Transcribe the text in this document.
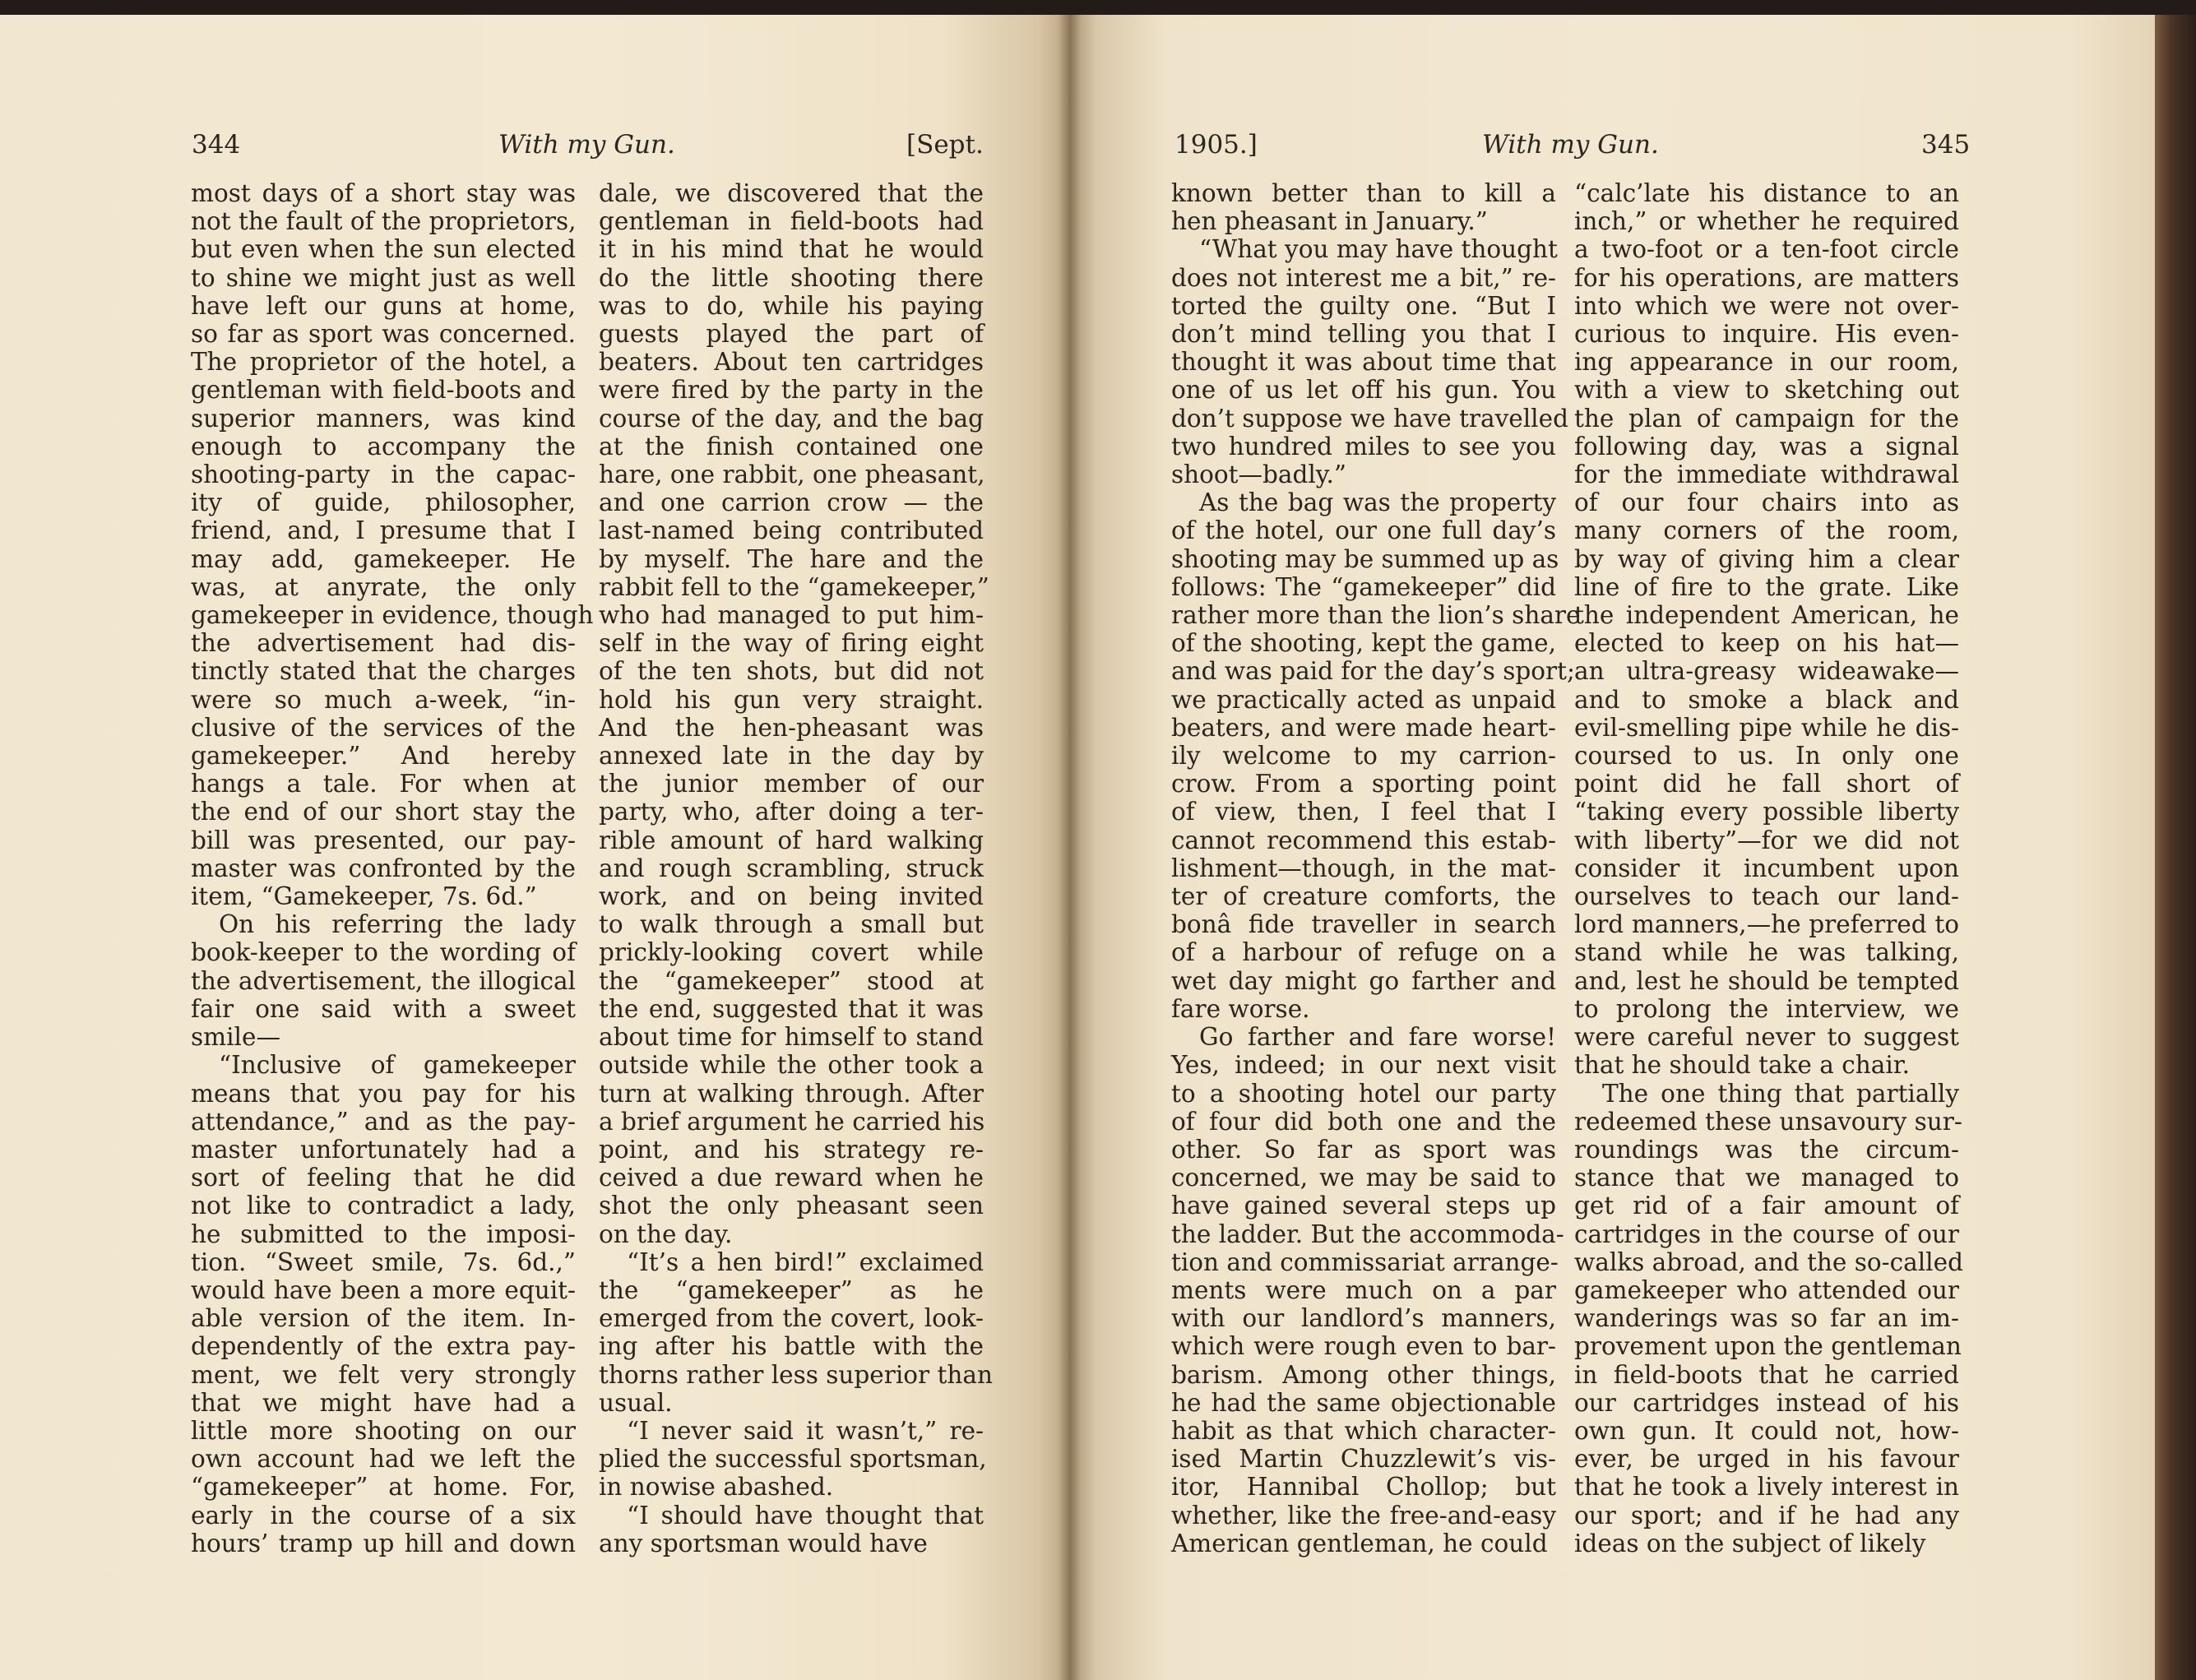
344	With my Gun.	[Sept.

most days of a short stay was

not the fault of the proprietors,

but even when the sun elected

to shine we might just as well

have left our guns at home,

so far as sport was concerned.

The proprietor of the hotel, a

gentleman with field-boots and

superior manners, was kind

enough to accompany the

shooting-party in the capac-

ity of guide, philosopher,

friend, and, I presume that I

may add, gamekeeper. He

was, at anyrate, the only

gamekeeper in evidence, though

the advertisement had dis-

tinctly stated that the charges

were so much a-week, “in-

clusive of the services of the

gamekeeper.” And hereby

hangs a tale. For when at

the end of our short stay the

bill was presented, our pay-

master was confronted by the

item, “Gamekeeper, 7s. 6d.”

On his referring the lady

book-keeper to the wording of

the advertisement, the illogical

fair one said with a sweet

smile—

“Inclusive of gamekeeper

means that you pay for his

attendance,” and as the pay-

master unfortunately had a

sort of feeling that he did

not like to contradict a lady,

he submitted to the imposi-

tion. “Sweet smile, 7s. 6d.,”

would have been a more equit-

able version of the item. In-

dependently of the extra pay-

ment, we felt very strongly

that we might have had a

little more shooting on our

own account had we left the

“gamekeeper” at home. For,

early in the course of a six

hours’ tramp up hill and down

dale, we discovered that the

gentleman in field-boots had

it in his mind that he would

do the little shooting there

was to do, while his paying

guests played the part of

beaters. About ten cartridges

were fired by the party in the

course of the day, and the bag

at the finish contained one

hare, one rabbit, one pheasant,

and one carrion crow — the

last-named being contributed

by myself. The hare and the

rabbit fell to the “gamekeeper,”

who had managed to put him-

self in the way of firing eight

of the ten shots, but did not

hold his gun very straight.

And the hen-pheasant was

annexed late in the day by

the junior member of our

party, who, after doing a ter-

rible amount of hard walking

and rough scrambling, struck

work, and on being invited

to walk through a small but

prickly-looking covert while

the “gamekeeper” stood at

the end, suggested that it was

about time for himself to stand

outside while the other took a

turn at walking through. After

a brief argument he carried his

point, and his strategy re-

ceived a due reward when he

shot the only pheasant seen

on the day.

“It’s a hen bird!” exclaimed

the “gamekeeper” as he

emerged from the covert, look-

ing after his battle with the

thorns rather less superior than

usual.

“I never said it wasn’t,” re-

plied the successful sportsman,

in nowise abashed.

“I should have thought that

any sportsman would have

1905.]	With my Gun.	345

known better than to kill a

hen pheasant in January.”

“What you may have thought

does not interest me a bit,” re-

torted the guilty one. “But I

don’t mind telling you that I

thought it was about time that

one of us let off his gun. You

don’t suppose we have travelled

two hundred miles to see you

shoot—badly.”

As the bag was the property

of the hotel, our one full day’s

shooting may be summed up as

follows: The “gamekeeper” did

rather more than the lion’s share

of the shooting, kept the game,

and was paid for the day’s sport;

we practically acted as unpaid

beaters, and were made heart-

ily welcome to my carrion-

crow. From a sporting point

of view, then, I feel that I

cannot recommend this estab-

lishment—though, in the mat-

ter of creature comforts, the

bonâ fide traveller in search

of a harbour of refuge on a

wet day might go farther and

fare worse.

Go farther and fare worse!

Yes, indeed; in our next visit

to a shooting hotel our party

of four did both one and the

other. So far as sport was

concerned, we may be said to

have gained several steps up

the ladder. But the accommoda-

tion and commissariat arrange-

ments were much on a par

with our landlord’s manners,

which were rough even to bar-

barism. Among other things,

he had the same objectionable

habit as that which character-

ised Martin Chuzzlewit’s vis-

itor, Hannibal Chollop; but

whether, like the free-and-easy

American gentleman, he could

“calc’late his distance to an

inch,” or whether he required

a two-foot or a ten-foot circle

for his operations, are matters

into which we were not over-

curious to inquire. His even-

ing appearance in our room,

with a view to sketching out

the plan of campaign for the

following day, was a signal

for the immediate withdrawal

of our four chairs into as

many corners of the room,

by way of giving him a clear

line of fire to the grate. Like

the independent American, he

elected to keep on his hat—

an ultra-greasy wideawake—

and to smoke a black and

evil-smelling pipe while he dis-

coursed to us. In only one

point did he fall short of

“taking every possible liberty

with liberty”—for we did not

consider it incumbent upon

ourselves to teach our land-

lord manners,—he preferred to

stand while he was talking,

and, lest he should be tempted

to prolong the interview, we

were careful never to suggest

that he should take a chair.

The one thing that partially

redeemed these unsavoury sur-

roundings was the circum-

stance that we managed to

get rid of a fair amount of

cartridges in the course of our

walks abroad, and the so-called

gamekeeper who attended our

wanderings was so far an im-

provement upon the gentleman

in field-boots that he carried

our cartridges instead of his

own gun. It could not, how-

ever, be urged in his favour

that he took a lively interest in

our sport; and if he had any

ideas on the subject of likely
